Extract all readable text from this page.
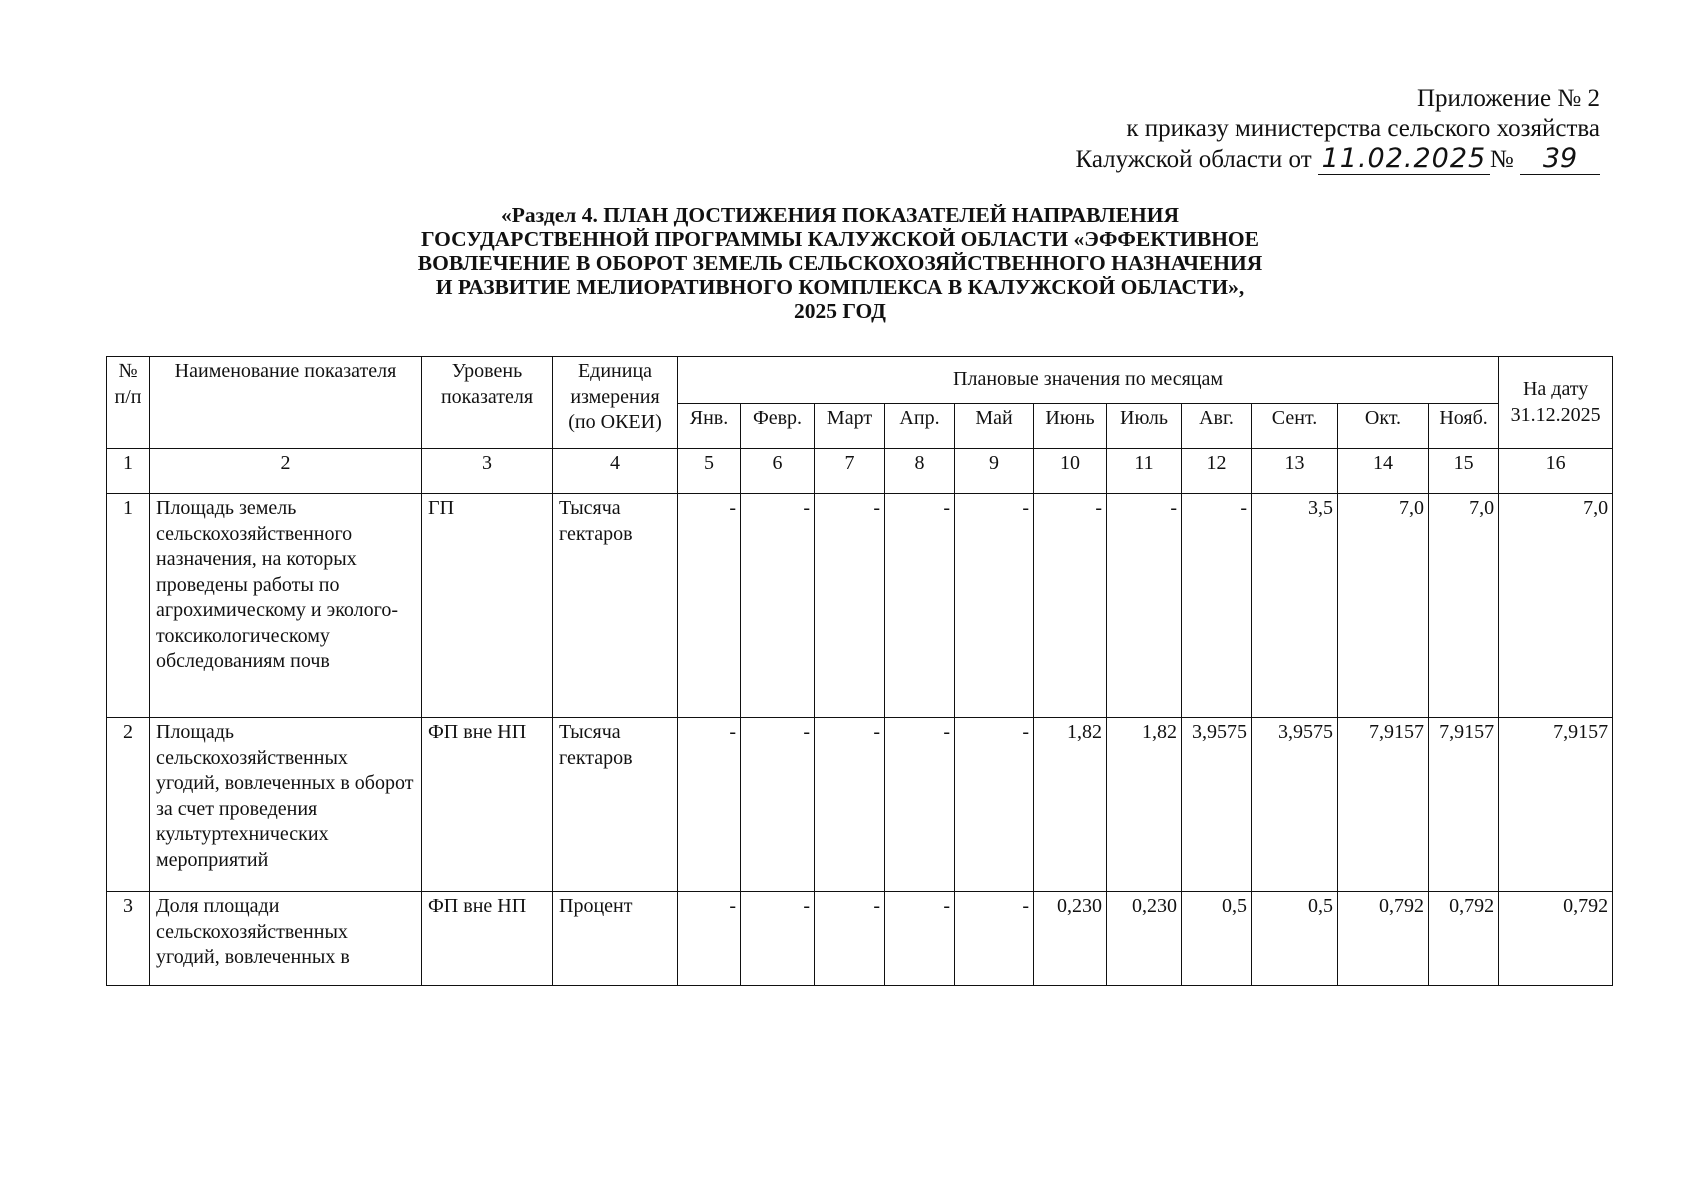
Приложение № 2
к приказу министерства сельского хозяйства
Калужской области от 11.02.2025 № 39
«Раздел 4. ПЛАН ДОСТИЖЕНИЯ ПОКАЗАТЕЛЕЙ НАПРАВЛЕНИЯ
ГОСУДАРСТВЕННОЙ ПРОГРАММЫ КАЛУЖСКОЙ ОБЛАСТИ «ЭФФЕКТИВНОЕ
ВОВЛЕЧЕНИЕ В ОБОРОТ ЗЕМЕЛЬ СЕЛЬСКОХОЗЯЙСТВЕННОГО НАЗНАЧЕНИЯ
И РАЗВИТИЕ МЕЛИОРАТИВНОГО КОМПЛЕКСА В КАЛУЖСКОЙ ОБЛАСТИ»,
2025 ГОД
№ п/п	Наименование показателя	Уровень показателя	Единица измерения (по ОКЕИ)	Плановые значения по месяцам											На дату 31.12.2025
				Янв.	Февр.	Март	Апр.	Май	Июнь	Июль	Авг.	Сент.	Окт.	Нояб.	
1	2	3	4	5	6	7	8	9	10	11	12	13	14	15	16
1	Площадь земель сельскохозяйственного назначения, на которых проведены работы по агрохимическому и эколого-токсикологическому обследованиям почв	ГП	Тысяча гектаров	-	-	-	-	-	-	-	-	3,5	7,0	7,0	7,0
2	Площадь сельскохозяйственных угодий, вовлеченных в оборот за счет проведения культуртехнических мероприятий	ФП вне НП	Тысяча гектаров	-	-	-	-	-	1,82	1,82	3,9575	3,9575	7,9157	7,9157	7,9157
3	Доля площади сельскохозяйственных угодий, вовлеченных в	ФП вне НП	Процент	-	-	-	-	-	0,230	0,230	0,5	0,5	0,792	0,792	0,792
